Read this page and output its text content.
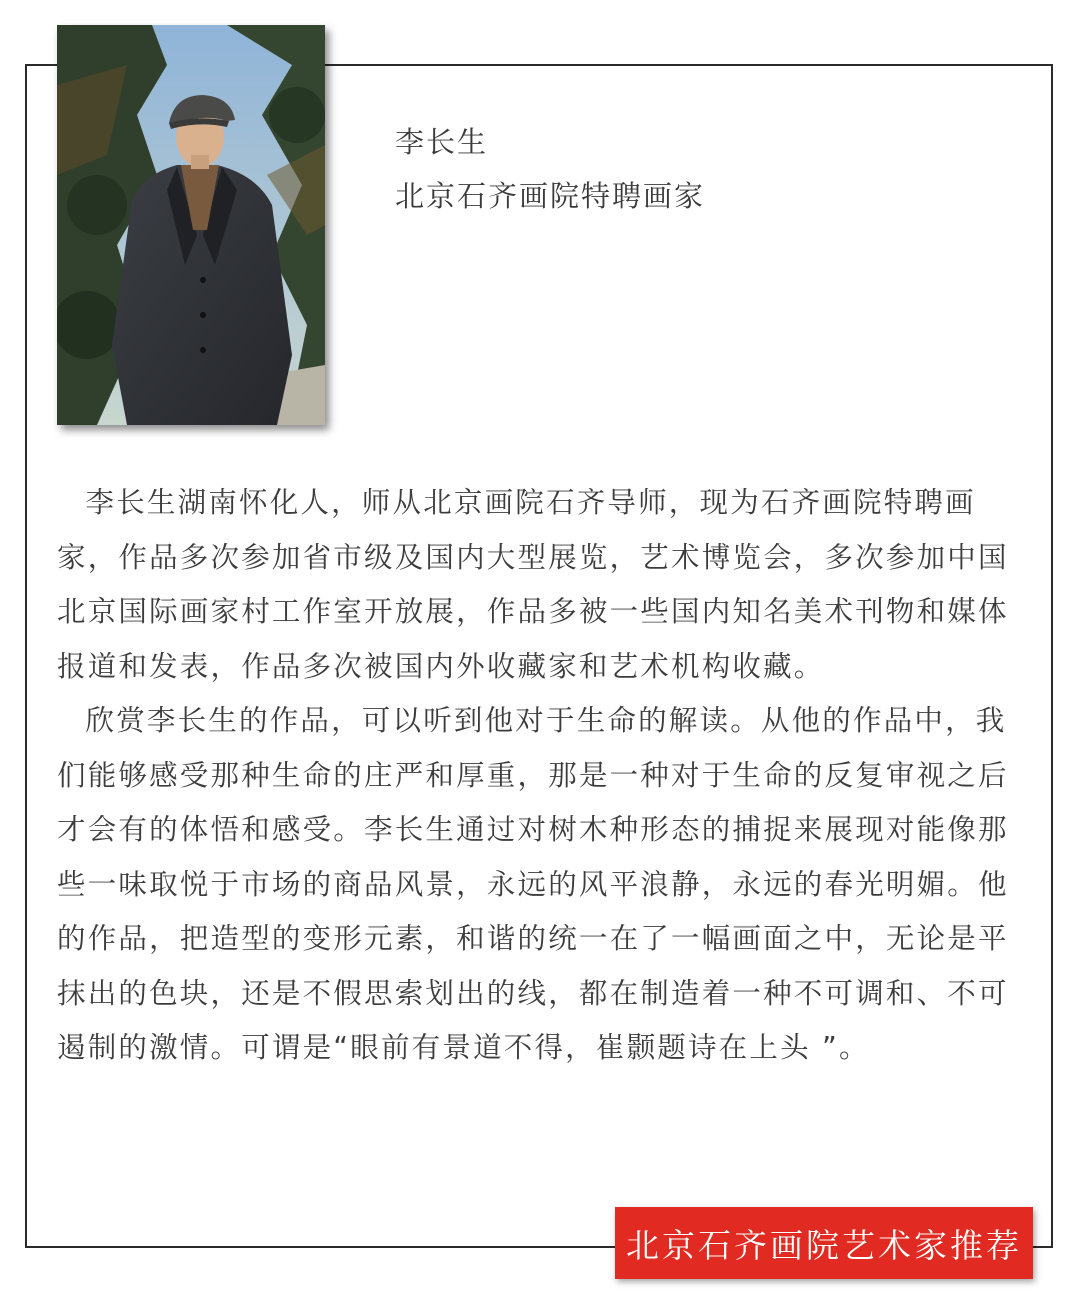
李长生
北京石齐画院特聘画家

李长生湖南怀化人，师从北京画院石齐导师，现为石齐画院特聘画家，作品多次参加省市级及国内大型展览，艺术博览会，多次参加中国北京国际画家村工作室开放展，作品多被一些国内知名美术刊物和媒体报道和发表，作品多次被国内外收藏家和艺术机构收藏。

欣赏李长生的作品，可以听到他对于生命的解读。从他的作品中，我们能够感受那种生命的庄严和厚重，那是一种对于生命的反复审视之后才会有的体悟和感受。李长生通过对树木种形态的捕捉来展现对能像那些一味取悦于市场的商品风景，永远的风平浪静，永远的春光明媚。他的作品，把造型的变形元素，和谐的统一在了一幅画面之中，无论是平抹出的色块，还是不假思索划出的线，都在制造着一种不可调和、不可遏制的激情。可谓是“眼前有景道不得，崔颢题诗在上头 ”。

北京石齐画院艺术家推荐
